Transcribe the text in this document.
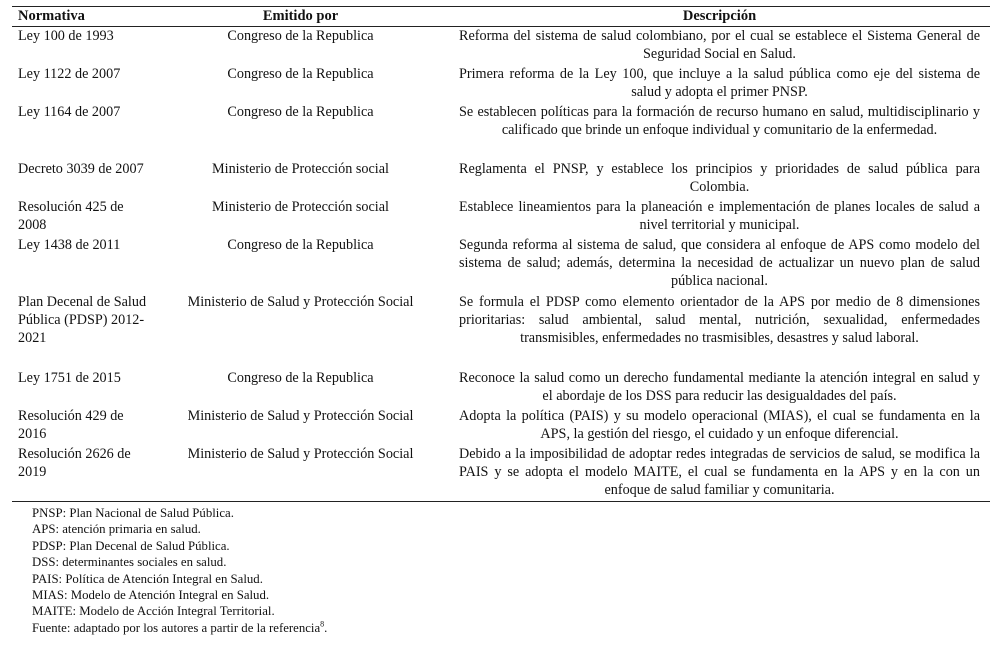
Normativa	Emitido por	Descripción
Ley 100 de 1993	Congreso de la Republica	Reforma del sistema de salud colombiano, por el cual se establece el Sistema General de Seguridad Social en Salud.
Ley 1122 de 2007	Congreso de la Republica	Primera reforma de la Ley 100, que incluye a la salud pública como eje del sistema de salud y adopta el primer PNSP.
Ley 1164 de 2007	Congreso de la Republica	Se establecen políticas para la formación de recurso humano en salud, multidisciplinario y calificado que brinde un enfoque individual y comunitario de la enfermedad.
Decreto 3039 de 2007	Ministerio de Protección social	Reglamenta el PNSP, y establece los principios y prioridades de salud pública para Colombia.
Resolución 425 de 2008	Ministerio de Protección social	Establece lineamientos para la planeación e implementación de planes locales de salud a nivel territorial y municipal.
Ley 1438 de 2011	Congreso de la Republica	Segunda reforma al sistema de salud, que considera al enfoque de APS como modelo del sistema de salud; además, determina la necesidad de actualizar un nuevo plan de salud pública nacional.
Plan Decenal de Salud Pública (PDSP) 2012-2021	Ministerio de Salud y Protección Social	Se formula el PDSP como elemento orientador de la APS por medio de 8 dimensiones prioritarias: salud ambiental, salud mental, nutrición, sexualidad, enfermedades transmisibles, enfermedades no trasmisibles, desastres y salud laboral.
Ley 1751 de 2015	Congreso de la Republica	Reconoce la salud como un derecho fundamental mediante la atención integral en salud y el abordaje de los DSS para reducir las desigualdades del país.
Resolución 429 de 2016	Ministerio de Salud y Protección Social	Adopta la política (PAIS) y su modelo operacional (MIAS), el cual se fundamenta en la APS, la gestión del riesgo, el cuidado y un enfoque diferencial.
Resolución 2626 de 2019	Ministerio de Salud y Protección Social	Debido a la imposibilidad de adoptar redes integradas de servicios de salud, se modifica la PAIS y se adopta el modelo MAITE, el cual se fundamenta en la APS y en la con un enfoque de salud familiar y comunitaria.
PNSP: Plan Nacional de Salud Pública.
APS: atención primaria en salud.
PDSP: Plan Decenal de Salud Pública.
DSS: determinantes sociales en salud.
PAIS: Política de Atención Integral en Salud.
MIAS: Modelo de Atención Integral en Salud.
MAITE: Modelo de Acción Integral Territorial.
Fuente: adaptado por los autores a partir de la referencia$^8$.
